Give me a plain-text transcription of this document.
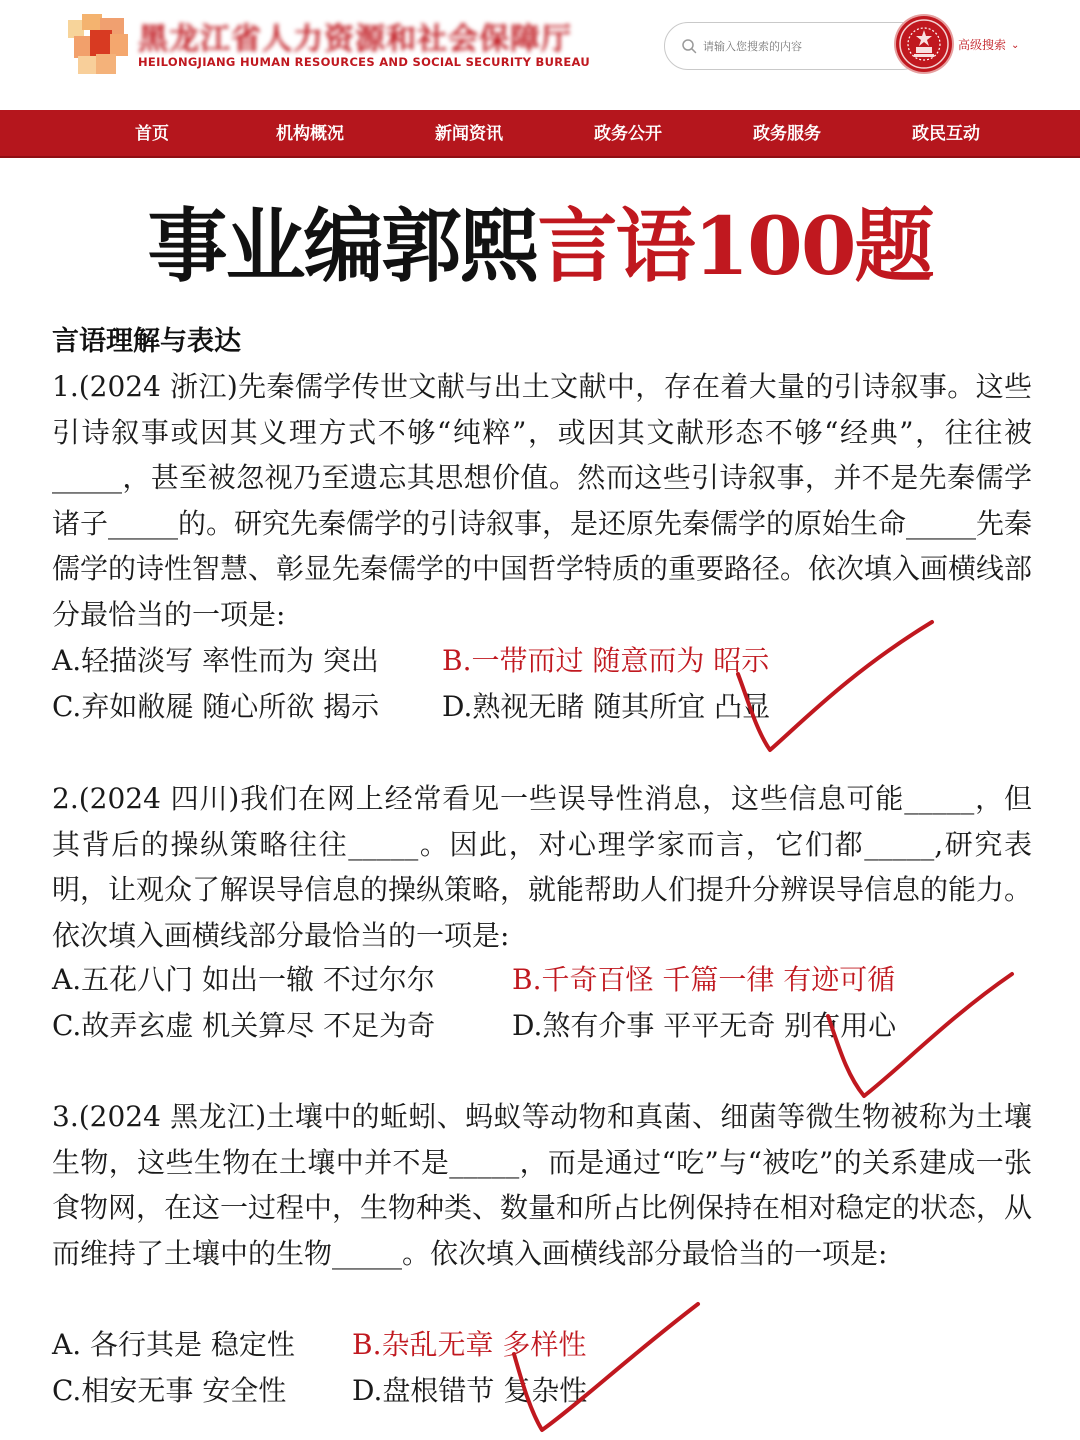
黑龙江省人力资源和社会保障厅
HEILONGJIANG HUMAN RESOURCES AND SOCIAL SECURITY BUREAU
请输入您搜索的内容
高级搜索 ⌄
首页	机构概况	新闻资讯	政务公开	政务服务	政民互动
事业编郭熙言语100题
言语理解与表达
1.(2024 浙江)先秦儒学传世文献与出土文献中，存在着大量的引诗叙事。这些引诗叙事或因其义理方式不够“纯粹”，或因其文献形态不够“经典”，往往被_____，甚至被忽视乃至遗忘其思想价值。然而这些引诗叙事，并不是先秦儒学诸子_____的。研究先秦儒学的引诗叙事，是还原先秦儒学的原始生命_____先秦儒学的诗性智慧、彰显先秦儒学的中国哲学特质的重要路径。依次填入画横线部分最恰当的一项是:
A.轻描淡写 率性而为 突出 B.一带而过 随意而为 昭示
C.弃如敝屣 随心所欲 揭示 D.熟视无睹 随其所宜 凸显
2.(2024 四川)我们在网上经常看见一些误导性消息，这些信息可能_____，但其背后的操纵策略往往_____。因此，对心理学家而言，它们都_____,研究表明，让观众了解误导信息的操纵策略，就能帮助人们提升分辨误导信息的能力。依次填入画横线部分最恰当的一项是:
A.五花八门 如出一辙 不过尔尔	B.千奇百怪 千篇一律 有迹可循
C.故弄玄虚 机关算尽 不足为奇	D.煞有介事 平平无奇 别有用心
3.(2024 黑龙江)土壤中的蚯蚓、蚂蚁等动物和真菌、细菌等微生物被称为土壤生物，这些生物在土壤中并不是_____，而是通过“吃”与“被吃”的关系建成一张食物网，在这一过程中，生物种类、数量和所占比例保持在相对稳定的状态，从而维持了土壤中的生物_____。依次填入画横线部分最恰当的一项是:
A. 各行其是 稳定性 B.杂乱无章 多样性
C.相安无事 安全性 D.盘根错节 复杂性
